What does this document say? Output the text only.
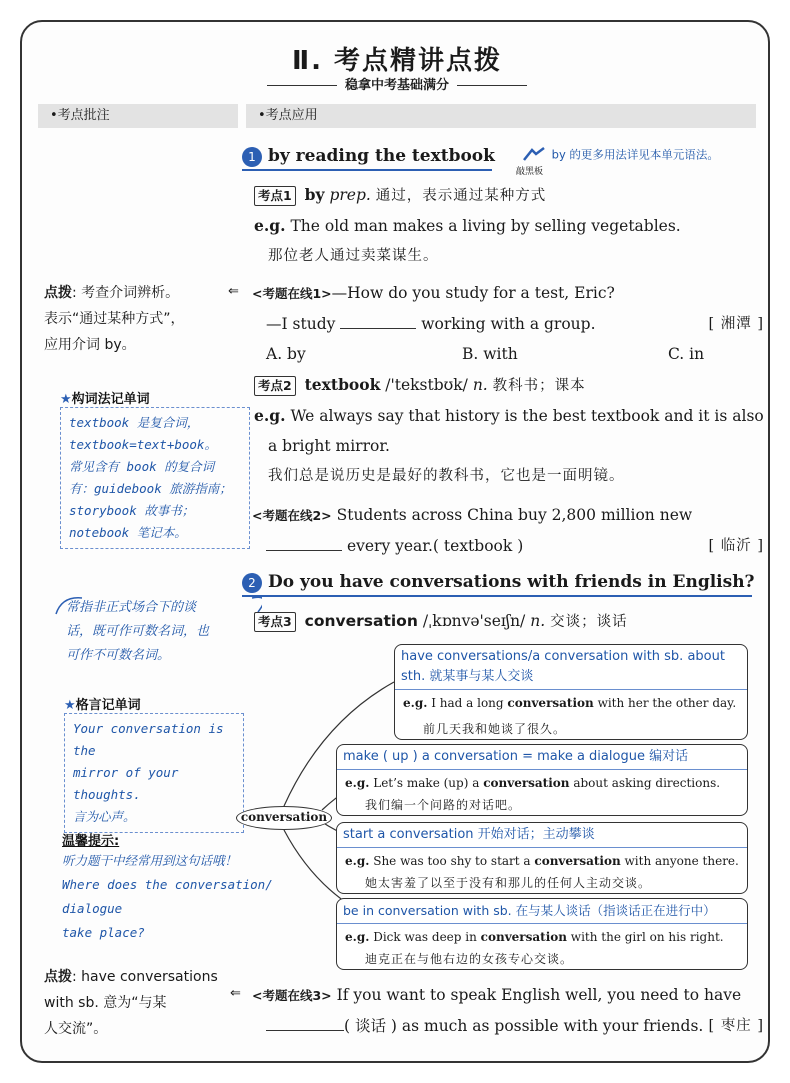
Ⅱ. 考点精讲点拨
稳拿中考基础满分
•考点批注	•考点应用
1 by reading the textbook	by 的更多用法详见本单元语法。
敲黑板
考点1 by prep. 通过，表示通过某种方式
e.g. The old man makes a living by selling vegetables.
那位老人通过卖菜谋生。
点拨: 考查介词辨析。
表示“通过某种方式”，
应用介词 by。
⇐ <考题在线1>—How do you study for a test, Eric?
—I study	working with a group.	[ 湘潭 ]
A. by	B. with	C. in
★构词法记单词
textbook 是复合词，
textbook=text+book。
常见含有 book 的复合词
有：guidebook 旅游指南；
storybook 故事书；
notebook 笔记本。
考点2 textbook /'tekstbʊk/ n. 教科书；课本
e.g. We always say that history is the best textbook and it is also
a bright mirror.
我们总是说历史是最好的教科书，它也是一面明镜。
<考题在线2> Students across China buy 2,800 million new
every year.( textbook )	[ 临沂 ]
2 Do you have conversations with friends in English?
常指非正式场合下的谈
话，既可作可数名词，也
可作不可数名词。
考点3 conversation /ˌkɒnvə'seɪʃn/ n. 交谈；谈话
★格言记单词
Your conversation is the
mirror of your thoughts.
言为心声。
温馨提示:
听力题干中经常用到这句话哦！
Where does the conversation/ dialogue
take place?
conversation
have conversations/a conversation with sb. about sth. 就某事与某人交谈
e.g. I had a long conversation with her the other day.
前几天我和她谈了很久。
make ( up ) a conversation = make a dialogue 编对话
e.g. Let’s make (up) a conversation about asking directions.
我们编一个问路的对话吧。
start a conversation 开始对话；主动攀谈
e.g. She was too shy to start a conversation with anyone there.
她太害羞了以至于没有和那儿的任何人主动交谈。
be in conversation with sb. 在与某人谈话（指谈话正在进行中）
e.g. Dick was deep in conversation with the girl on his right.
迪克正在与他右边的女孩专心交谈。
点拨: have conversations
with sb. 意为“与某
人交流”。
⇐ <考题在线3> If you want to speak English well, you need to have
( 谈话 ) as much as possible with your friends. [ 枣庄 ]
